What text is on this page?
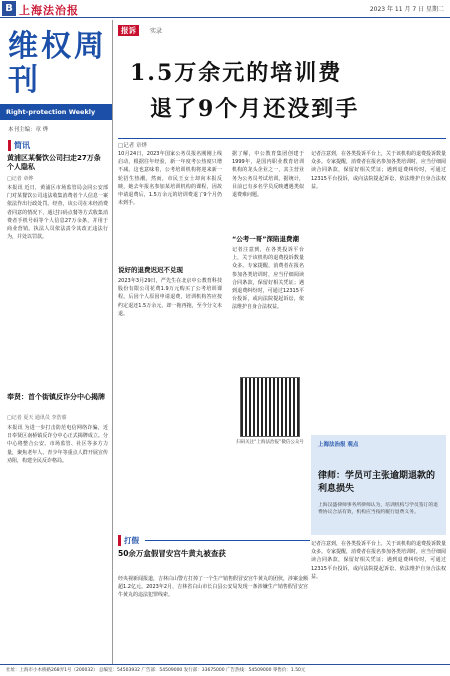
B 上海法治报	2023 年 11 月 7 日 星期二
维权周刊
Right-protection Weekly
本刊主编：章 烨
简讯
黄浦区某餐饮公司扫走27万条个人隐私
□记者 章烨
本报讯 近日，黄浦区市场监管局会同公安部门对某餐饮公司违法收集消费者个人信息一案依法作出行政处罚。经查，该公司在未经消费者同意的情况下，通过扫码点餐等方式收集消费者手机号码等个人信息27万余条，并用于商业营销。执法人员依法责令其改正违法行为，并处以罚款。
奉贤：首个街镇反诈分中心揭牌
□记者 夏天 通讯员 李浩睿
本报讯 为进一步打击防范电信网络诈骗，近日奉贤区南桥镇反诈分中心正式揭牌成立。分中心将整合公安、市场监管、社区等多方力量，聚焦老年人、青少年等重点人群开展宣传劝阻，构建全民反诈格局。
报诉	实录
1.5万余元的培训费
退了9个月还没到手
□记者 章烨
10月24日，2023年国家公务员报名刚刚上线启动，根据往年经验，新一年度考公热度只增不减。这也意味着，公考培训机构将迎来新一轮招生热潮。然而，市民王女士却向本报反映，她去年报名参加某培训机构的课程，因故申请退费后，1.5万余元的培训费退了9个月仍未到手。
说好的退费迟迟不兑现
2023年3月29日，严先生在北京中公教育科技股份有限公司花费1.9万元购买了公考培训课程。后因个人原因申请退费，培训机构答应按约定退还1.5万余元，却一拖再拖，至今分文未退。
“公考一哥”深陷退费潮
据了解，中公教育集团创建于1999年，是国内职业教育培训机构的龙头企业之一，其主营业务为公务员考试培训。据统计，目前已有多名学员反映遭遇类似退费难问题。
记者注意到，在各类投诉平台上，关于该机构的退费投诉数量众多。专家提醒，消费者在报名参加各类培训时，应当仔细阅读合同条款，保留好相关凭证；遇到退费纠纷时，可通过12315平台投诉，或向法院提起诉讼，依法维护自身合法权益。
记者注意到，在各类投诉平台上，关于该机构的退费投诉数量众多。专家提醒，消费者在报名参加各类培训时，应当仔细阅读合同条款，保留好相关凭证；遇到退费纠纷时，可通过12315平台投诉，或向法院提起诉讼，依法维护自身合法权益。
扫码关注“上海法治报”微信公众号	上海法治报 观点
律师：学员可主张逾期退款的利息损失
上海汉盛律师事务所律师认为，培训机构与学员签订的退费协议合法有效，机构应当按约履行退费义务。
记者注意到，在各类投诉平台上，关于该机构的退费投诉数量众多。专家提醒，消费者在报名参加各类培训时，应当仔细阅读合同条款，保留好相关凭证；遇到退费纠纷时，可通过12315平台投诉，或向法院提起诉讼，依法维护自身合法权益。
打假
50余万盒假冒安宫牛黄丸被查获
经央视新闻报道，吉林白山警方打掉了一个生产销售假冒安宫牛黄丸的团伙，涉案金额超1.2亿元。2023年2月，吉林省白山市长白县公安局发现一条涉嫌生产销售假冒安宫牛黄丸的违法犯罪线索。
社址：上海市小木桥路268弄1号（200032） 总编室：54503932 广告部：54509000 发行部：33675000 广告热线：54509000 零售价：1.50元
